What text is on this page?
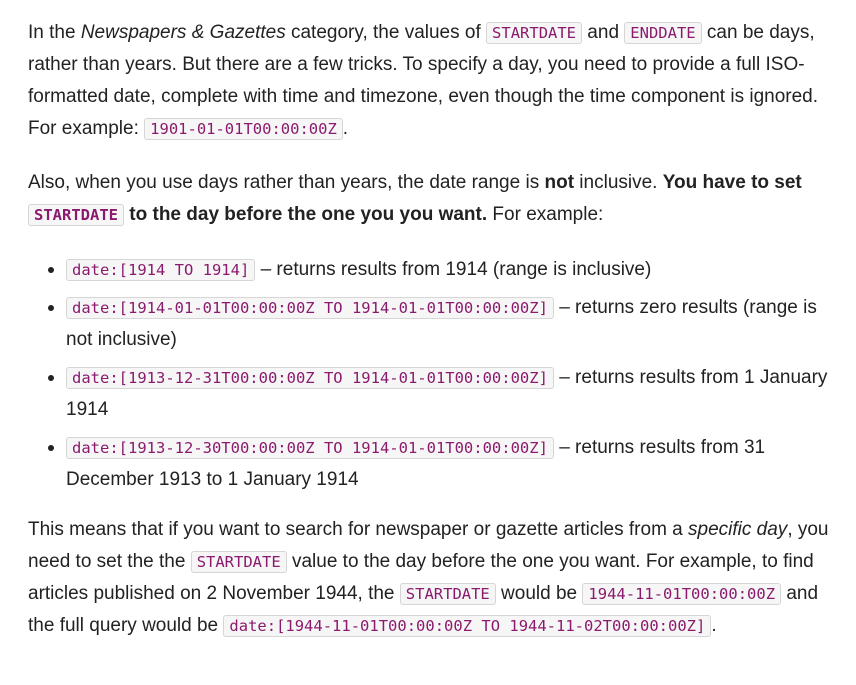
In the Newspapers & Gazettes category, the values of STARTDATE and ENDDATE can be days, rather than years. But there are a few tricks. To specify a day, you need to provide a full ISO-formatted date, complete with time and timezone, even though the time component is ignored. For example: 1901-01-01T00:00:00Z .

Also, when you use days rather than years, the date range is not inclusive. You have to set STARTDATE to the day before the one you you want. For example:

• date:[1914 TO 1914] – returns results from 1914 (range is inclusive)
• date:[1914-01-01T00:00:00Z TO 1914-01-01T00:00:00Z] – returns zero results (range is not inclusive)
• date:[1913-12-31T00:00:00Z TO 1914-01-01T00:00:00Z] – returns results from 1 January 1914
• date:[1913-12-30T00:00:00Z TO 1914-01-01T00:00:00Z] – returns results from 31 December 1913 to 1 January 1914

This means that if you want to search for newspaper or gazette articles from a specific day, you need to set the the STARTDATE value to the day before the one you want. For example, to find articles published on 2 November 1944, the STARTDATE would be 1944-11-01T00:00:00Z and the full query would be date:[1944-11-01T00:00:00Z TO 1944-11-02T00:00:00Z] .
